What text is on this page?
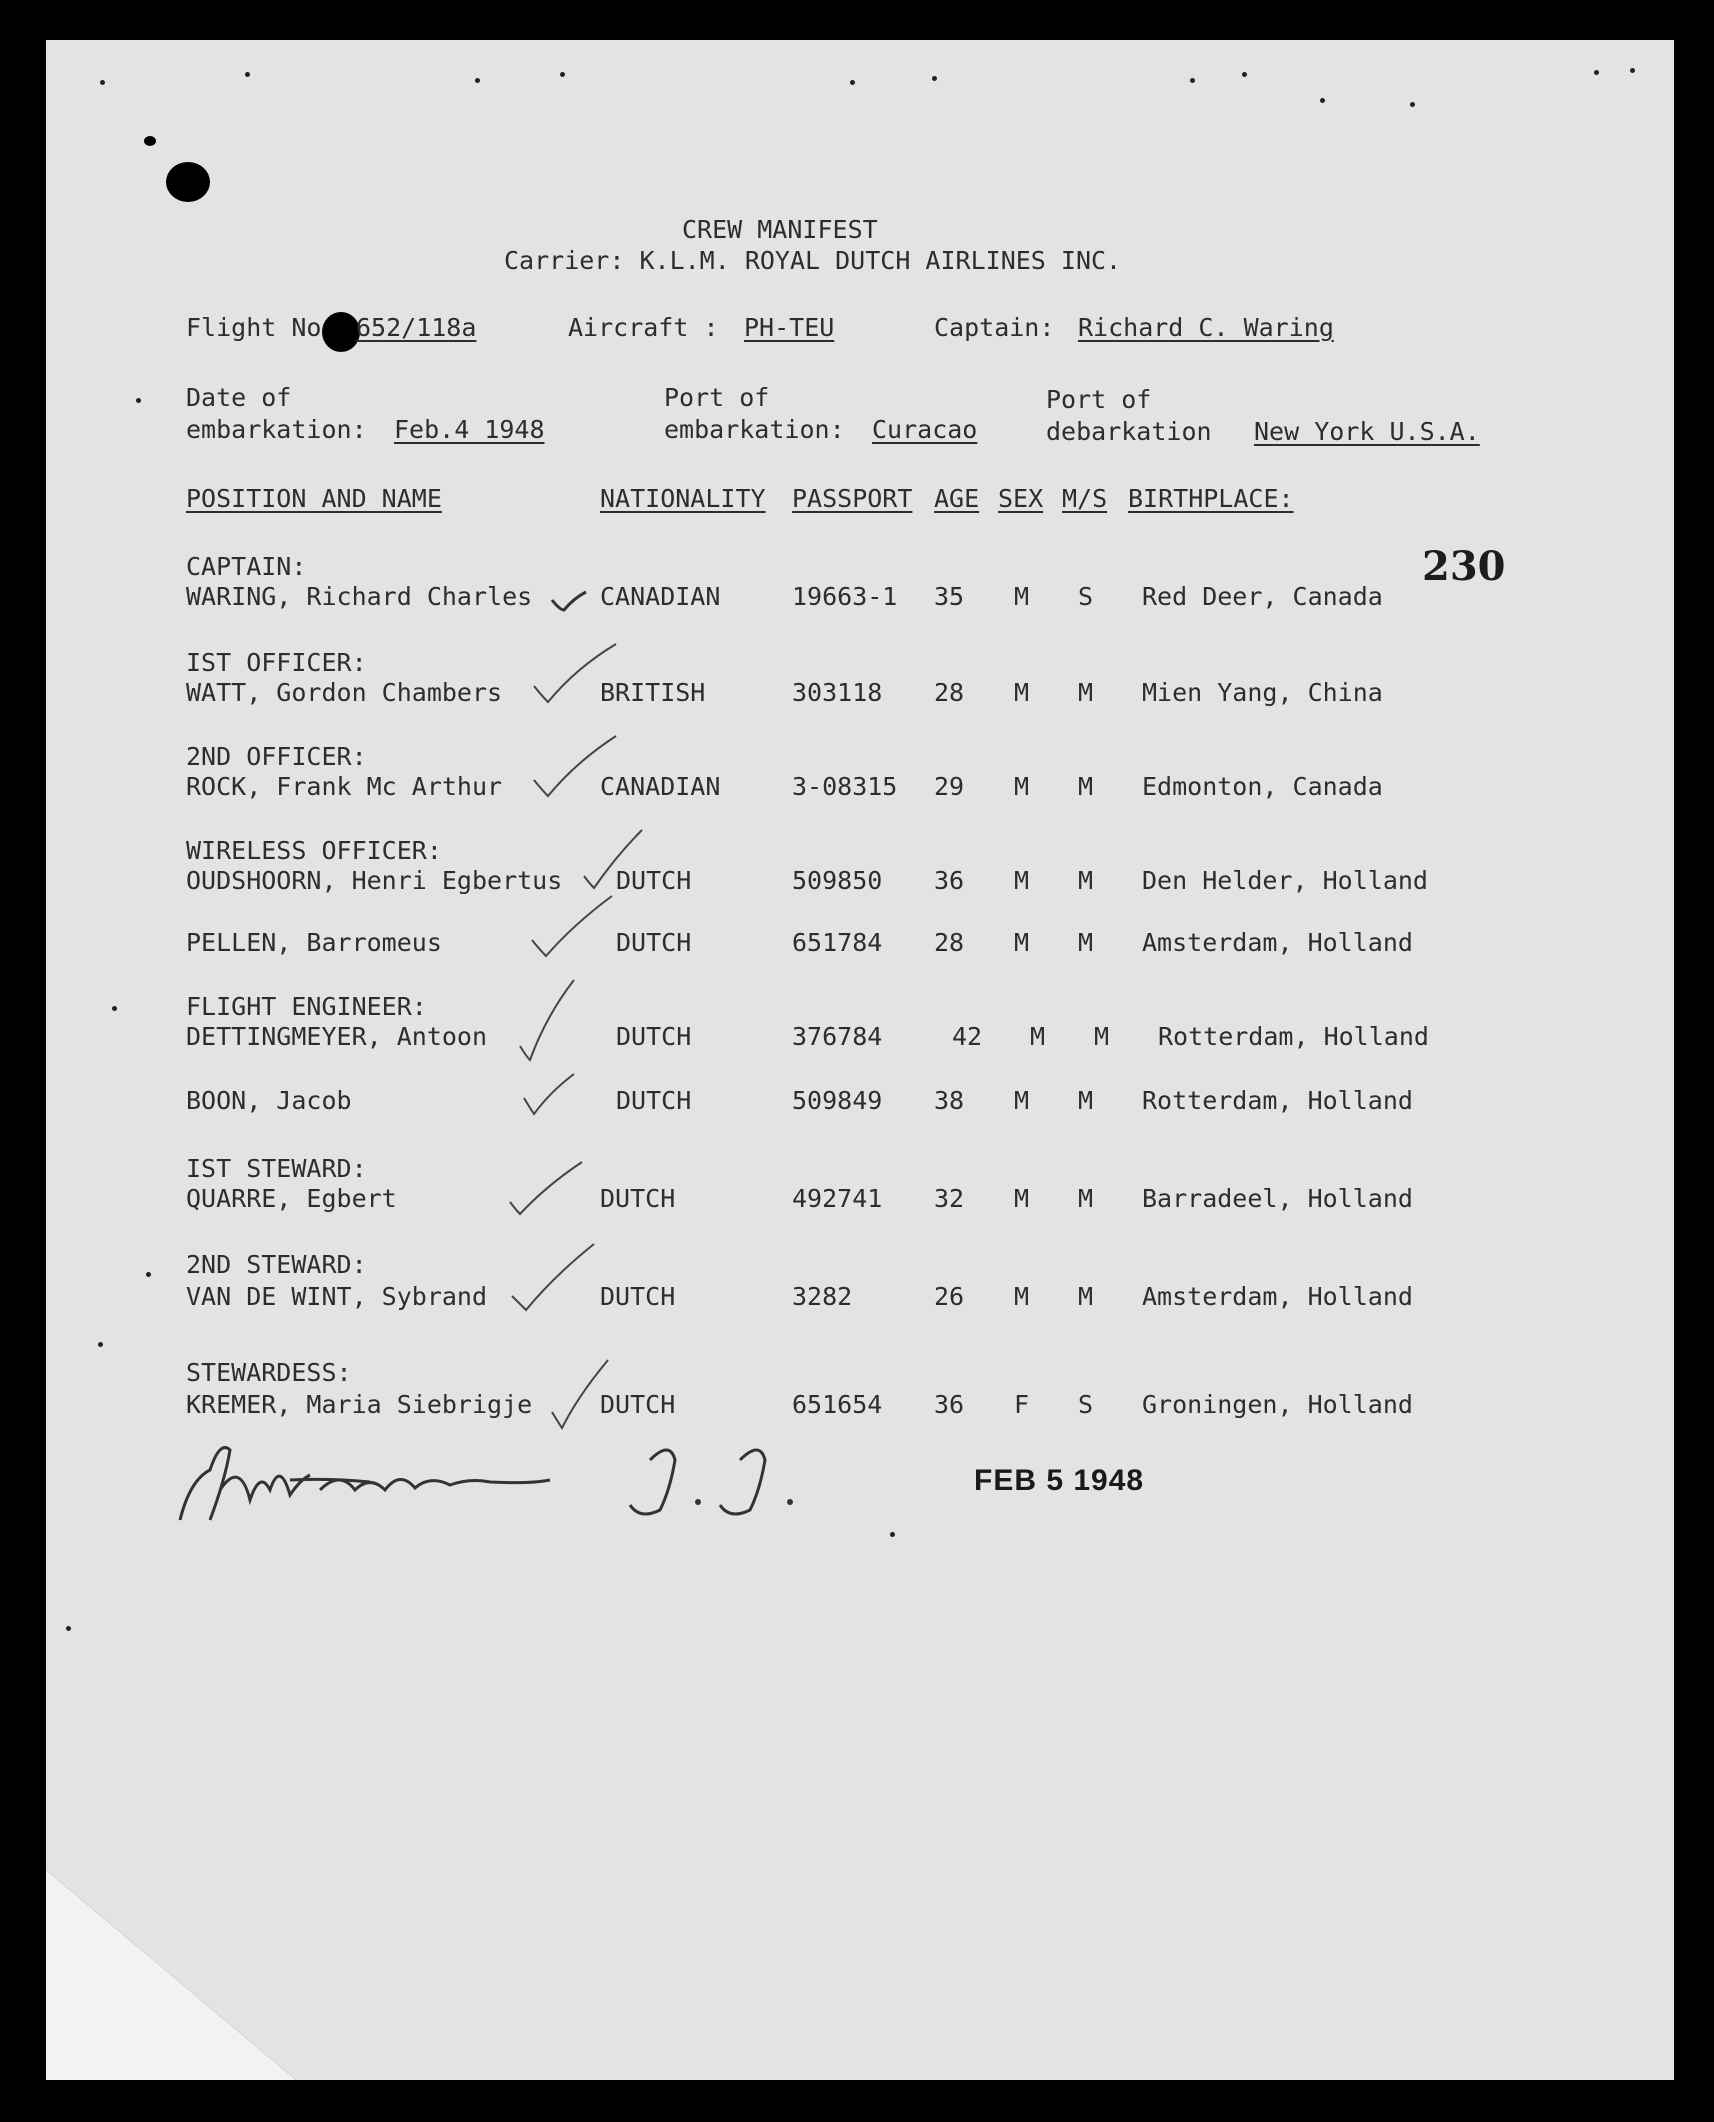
CREW MANIFEST
Carrier: K.L.M. ROYAL DUTCH AIRLINES INC.
Flight No 652/118a	Aircraft : PH-TEU	Captain: Richard C. Waring
Date of
embarkation: Feb.4 1948
Port of
embarkation: Curacao
Port of
debarkation New York U.S.A.
POSITION AND NAME	NATIONALITY PASSPORT AGE SEX M/S BIRTHPLACE:
CAPTAIN:
WARING, Richard Charles	CANADIAN	19663-1 35 M S Red Deer, Canada
IST OFFICER:
WATT, Gordon Chambers	BRITISH	303118 28 M M Mien Yang, China
2ND OFFICER:
ROCK, Frank Mc Arthur	CANADIAN	3-08315 29 M M Edmonton, Canada
WIRELESS OFFICER:
OUDSHOORN, Henri Egbertus DUTCH	509850 36 M M Den Helder, Holland
PELLEN, Barromeus	DUTCH	651784 28 M M Amsterdam, Holland
FLIGHT ENGINEER:
DETTINGMEYER, Antoon	DUTCH	376784	42 M M Rotterdam, Holland
BOON, Jacob	DUTCH	509849 38 M M Rotterdam, Holland
IST STEWARD:
QUARRE, Egbert	DUTCH	492741 32 M M Barradeel, Holland
2ND STEWARD:
VAN DE WINT, Sybrand	DUTCH	3282	26 M M Amsterdam, Holland
STEWARDESS:
KREMER, Maria Siebrigje	DUTCH	651654 36 F S Groningen, Holland
230
FEB 5 1948
